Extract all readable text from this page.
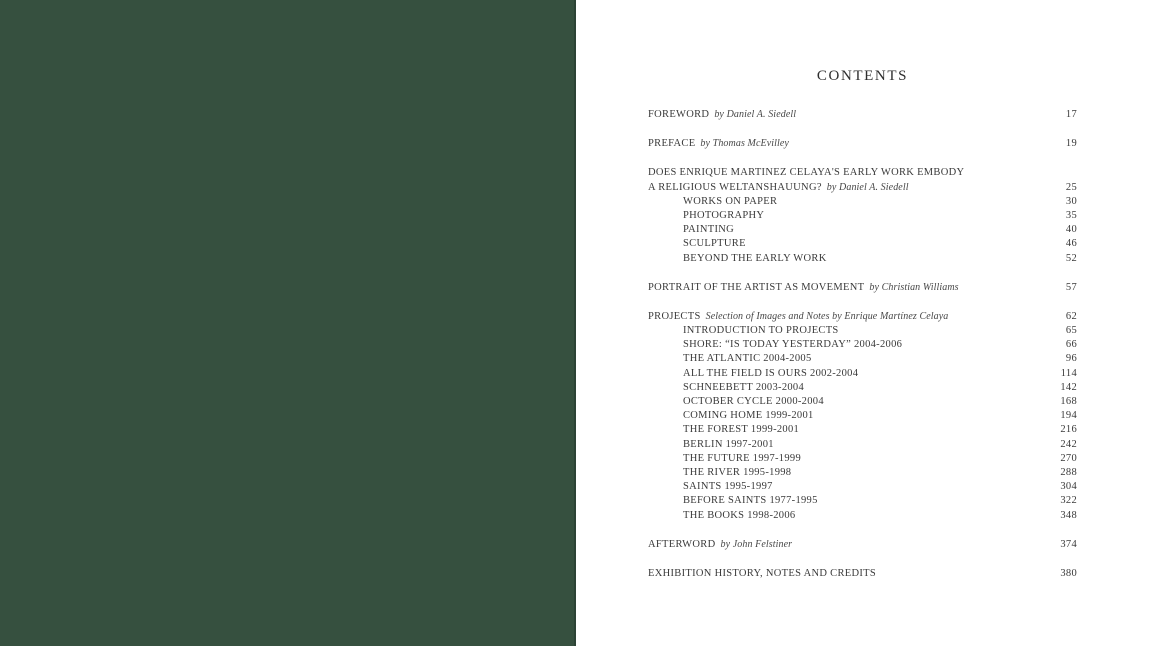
CONTENTS
FOREWORD by Daniel A. Siedell	17
PREFACE by Thomas McEvilley	19
DOES ENRIQUE MARTINEZ CELAYA'S EARLY WORK EMBODY
A RELIGIOUS WELTANSHAUUNG? by Daniel A. Siedell	25
WORKS ON PAPER	30
PHOTOGRAPHY	35
PAINTING	40
SCULPTURE	46
BEYOND THE EARLY WORK	52
PORTRAIT OF THE ARTIST AS MOVEMENT by Christian Williams	57
PROJECTS Selection of Images and Notes by Enrique Martínez Celaya	62
INTRODUCTION TO PROJECTS	65
SHORE: “IS TODAY YESTERDAY” 2004-2006	66
THE ATLANTIC 2004-2005	96
ALL THE FIELD IS OURS 2002-2004	114
SCHNEEBETT 2003-2004	142
OCTOBER CYCLE 2000-2004	168
COMING HOME 1999-2001	194
THE FOREST 1999-2001	216
BERLIN 1997-2001	242
THE FUTURE 1997-1999	270
THE RIVER 1995-1998	288
SAINTS 1995-1997	304
BEFORE SAINTS 1977-1995	322
THE BOOKS 1998-2006	348
AFTERWORD by John Felstiner	374
EXHIBITION HISTORY, NOTES AND CREDITS	380
